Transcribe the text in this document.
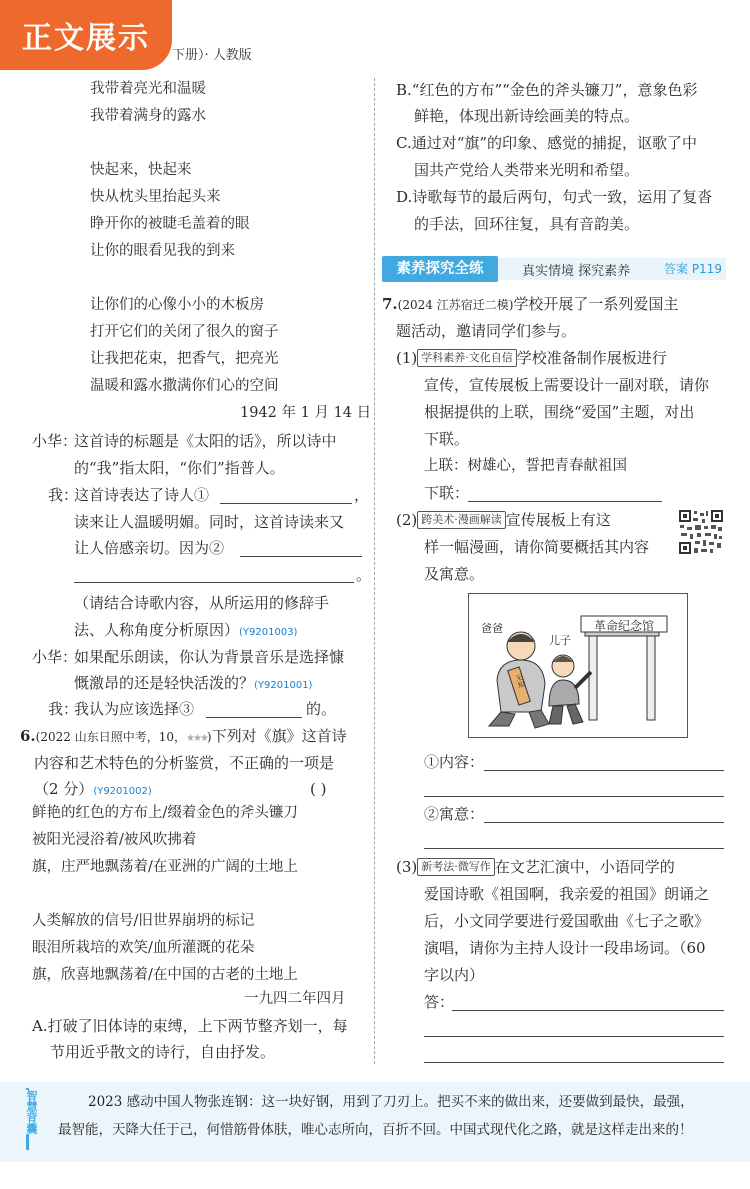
正文展示 下册）· 人教版
1942 年 1 月 14 日
小华：
这首诗的标题是《太阳的话》，所以诗中
的“我”指太阳，“你们”指普人。
我：
这首诗表达了诗人①	，
读来让人温暖明媚。同时，这首诗读来又
让人倍感亲切。因为②
。
（请结合诗歌内容，从所运用的修辞手
法、人称角度分析原因）(Y9201003)
小华：
如果配乐朗读，你认为背景音乐是选择慷
慨激昂的还是轻快活泼的？(Y9201001)
我：
我认为应该选择③	的。
6.(2022 山东日照中考，10，★★★)下列对《旗》这首诗
内容和艺术特色的分析鉴赏，不正确的一项是
（2 分）(Y9201002)	( )
一九四二年四月
A.打破了旧体诗的束缚，上下两节整齐划一，每
节用近乎散文的诗行，自由抒发。
B.“红色的方布”“金色的斧头镰刀”，意象色彩
鲜艳，体现出新诗绘画美的特点。
C.通过对“旗”的印象、感觉的捕捉，讴歌了中
国共产党给人类带来光明和希望。
D.诗歌每节的最后两句，句式一致，运用了复沓
的手法，回环往复，具有音韵美。
素养探究全练	真实情境 探究素养	答案 P119
7.(2024 江苏宿迁二模)学校开展了一系列爱国主
题活动，邀请同学们参与。
(1) 学科素养·文化自信 学校准备制作展板进行
宣传，宣传展板上需要设计一副对联，请你
根据提供的上联，围绕“爱国”主题，对出
下联。
上联：树雄心，誓把青春献祖国
下联：
(2) 跨美术·漫画解读 宣传展板上有这
样一幅漫画，请你简要概括其内容
及寓意。
爸爸
儿子
革命纪念馆
无知
①内容：
②寓意：
(3) 新考法·微写作 在文艺汇演中，小语同学的
爱国诗歌《祖国啊，我亲爱的祖国》朗诵之
后，小文同学要进行爱国歌曲《七子之歌》
演唱，请你为主持人设计一段串场词。（60
字以内）
答：
智慧背囊	2023 感动中国人物张连钢：这一块好钢，用到了刀刃上。把买不来的做出来，还要做到最快，最强，
最智能，天降大任于己，何惜筋骨体肤，唯心志所向，百折不回。中国式现代化之路，就是这样走出来的！
我带着亮光和温暖
我带着满身的露水
快起来，快起来
快从枕头里抬起头来
睁开你的被睫毛盖着的眼
让你的眼看见我的到来
让你们的心像小小的木板房
打开它们的关闭了很久的窗子
让我把花束，把香气，把亮光
温暖和露水撒满你们心的空间
鲜艳的红色的方布上/缀着金色的斧头镰刀
被阳光浸浴着/被风吹拂着
旗，庄严地飘荡着/在亚洲的广阔的土地上
人类解放的信号/旧世界崩坍的标记
眼泪所栽培的欢笑/血所灌溉的花朵
旗，欣喜地飘荡着/在中国的古老的土地上
